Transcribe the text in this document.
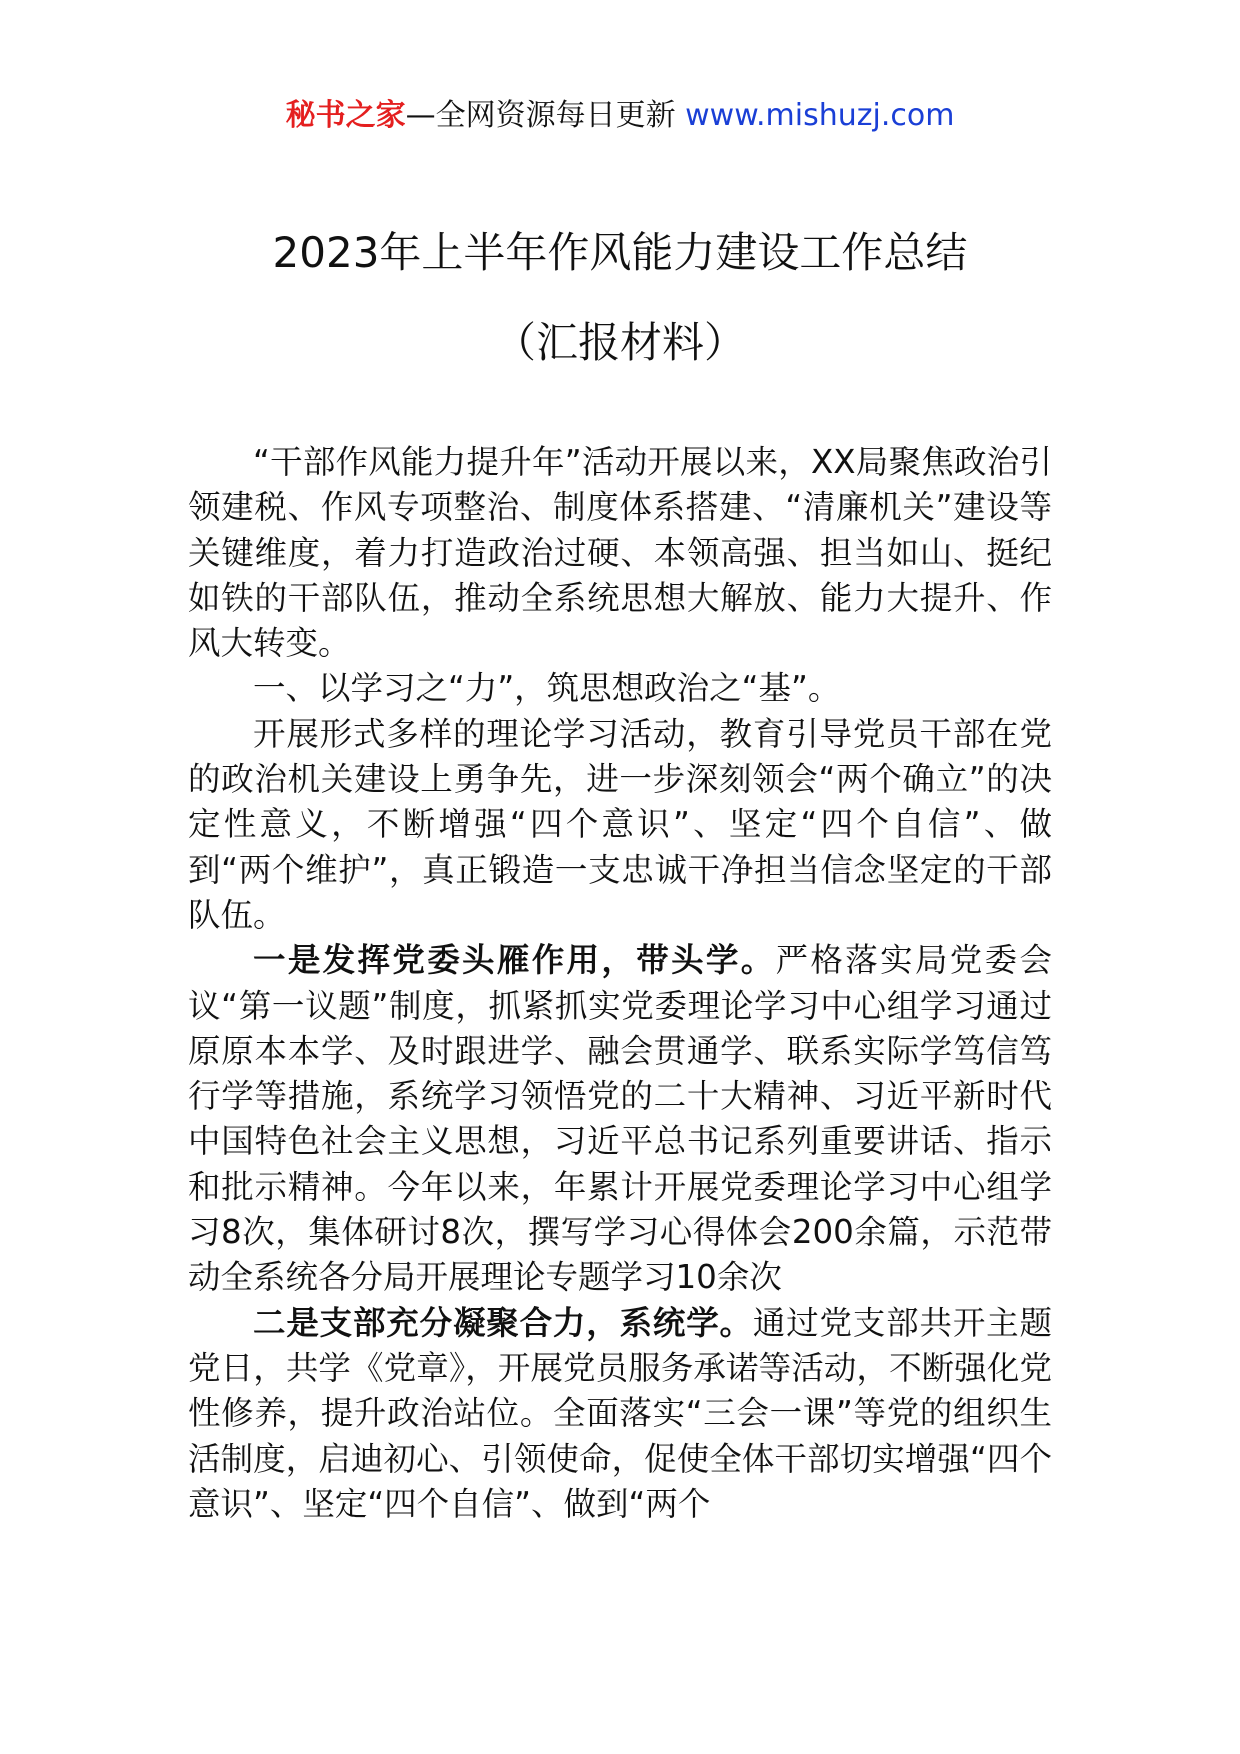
秘书之家—全网资源每日更新 www.mishuzj.com
2023年上半年作风能力建设工作总结
（汇报材料）

“干部作风能力提升年”活动开展以来，XX局聚焦政治引领建税、作风专项整治、制度体系搭建、“清廉机关”建设等关键维度，着力打造政治过硬、本领高强、担当如山、挺纪如铁的干部队伍，推动全系统思想大解放、能力大提升、作风大转变。

一、以学习之“力”，筑思想政治之“基”。

开展形式多样的理论学习活动，教育引导党员干部在党的政治机关建设上勇争先，进一步深刻领会“两个确立”的决定性意义，不断增强“四个意识”、坚定“四个自信”、做到“两个维护”，真正锻造一支忠诚干净担当信念坚定的干部队伍。

一是发挥党委头雁作用，带头学。严格落实局党委会议“第一议题”制度，抓紧抓实党委理论学习中心组学习通过原原本本学、及时跟进学、融会贯通学、联系实际学笃信笃行学等措施，系统学习领悟党的二十大精神、习近平新时代中国特色社会主义思想，习近平总书记系列重要讲话、指示和批示精神。今年以来，年累计开展党委理论学习中心组学习8次，集体研讨8次，撰写学习心得体会200余篇，示范带动全系统各分局开展理论专题学习10余次

二是支部充分凝聚合力，系统学。通过党支部共开主题党日，共学《党章》，开展党员服务承诺等活动，不断强化党性修养，提升政治站位。全面落实“三会一课”等党的组织生活制度，启迪初心、引领使命，促使全体干部切实增强“四个意识”、坚定“四个自信”、做到“两个
